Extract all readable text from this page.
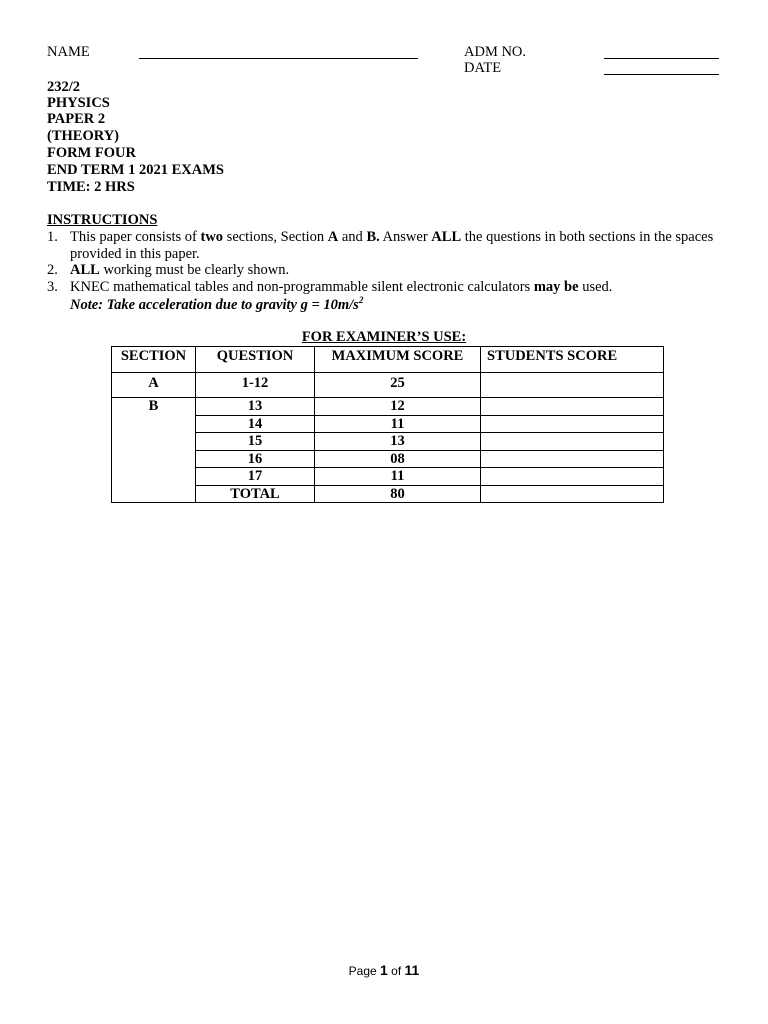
NAME	ADM NO.
DATE
232/2
PHYSICS
PAPER 2
(THEORY)
FORM FOUR
END TERM 1 2021 EXAMS
TIME: 2 HRS
INSTRUCTIONS
1. This paper consists of two sections, Section A and B. Answer ALL the questions in both sections in the spaces provided in this paper.
2. ALL working must be clearly shown.
3. KNEC mathematical tables and non-programmable silent electronic calculators may be used.
Note: Take acceleration due to gravity $g = 10m/s^2$
FOR EXAMINER’S USE:
SECTION	QUESTION	MAXIMUM SCORE	STUDENTS SCORE
A	1-12	25	
B	13	12	
	14	11	
	15	13	
	16	08	
	17	11	
	TOTAL	80	
Page 1 of 11
